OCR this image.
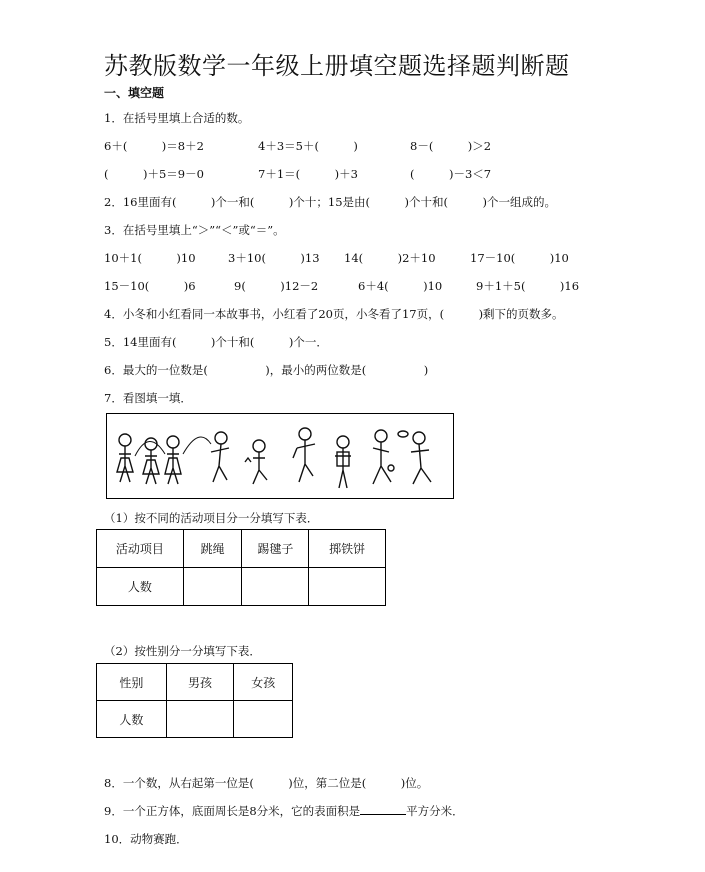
苏教版数学一年级上册填空题选择题判断题
一、填空题
1．在括号里填上合适的数。
6＋(　　　)＝8＋2	4＋3＝5＋(　　　)	8－(　　　)＞2
(　　　)＋5＝9－0	7＋1＝(　　　)＋3	(　　　)－3＜7
2．16里面有(　　　)个一和(　　　)个十；15是由(　　　)个十和(　　　)个一组成的。
3．在括号里填上“＞”“＜”或“＝”。
10＋1(　　　)10	3＋10(　　　)13 14(　　　)2＋10	17－10(　　　)10
15－10(　　　)6	9(　　　)12－2	6＋4(　　　)10	9＋1＋5(　　　)16
4．小冬和小红看同一本故事书，小红看了20页，小冬看了17页，(　　　)剩下的页数多。
5．14里面有(　　　)个十和(　　　)个一．
6．最大的一位数是(　　　　　)，最小的两位数是(　　　　　)
7．看图填一填．
（1）按不同的活动项目分一分填写下表．
活动项目	跳绳	踢毽子	掷铁饼
人数			
（2）按性别分一分填写下表．
性别	男孩	女孩
人数		
8．一个数，从右起第一位是(　　　)位，第二位是(　　　)位。
9．一个正方体，底面周长是8分米，它的表面积是	平方分米．
10．动物赛跑．
